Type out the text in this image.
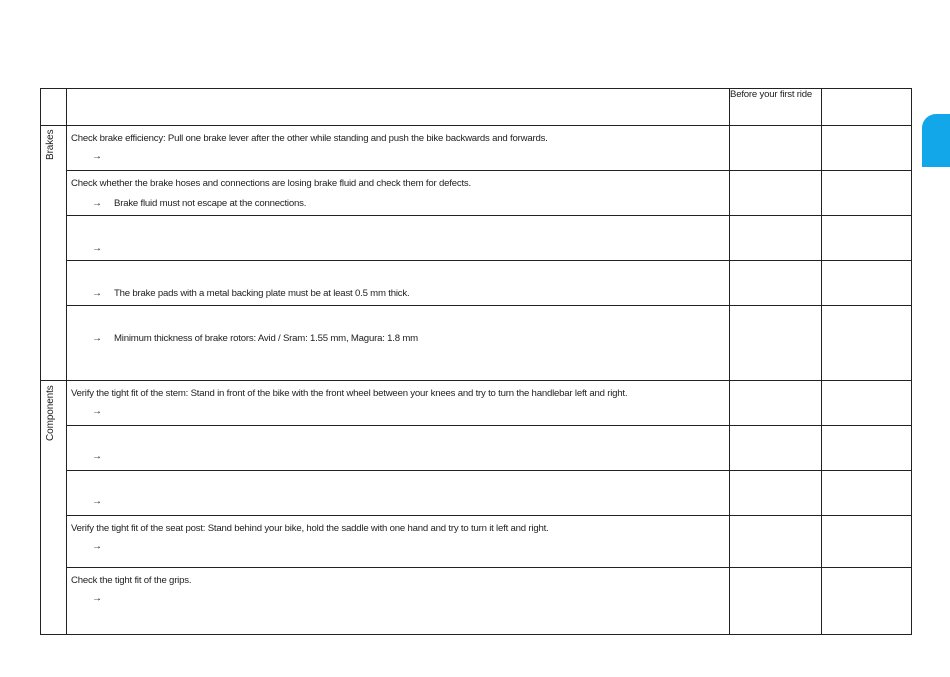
		Before your first ride	

Brakes	Check brake efficiency: Pull one brake lever after the other while standing and push the bike backwards and forwards.
→		

	Check whether the brake hoses and connections are losing brake fluid and check them for defects.
→ Brake fluid must not escape at the connections.		

	→		

	→ The brake pads with a metal backing plate must be at least 0.5 mm thick.		

	→ Minimum thickness of brake rotors: Avid / Sram: 1.55 mm, Magura: 1.8 mm		

Components	Verify the tight fit of the stem: Stand in front of the bike with the front wheel between your knees and try to turn the handlebar left and right.
→		

	→		

	→		

	Verify the tight fit of the seat post: Stand behind your bike, hold the saddle with one hand and try to turn it left and right.
→		

	Check the tight fit of the grips.
→		
